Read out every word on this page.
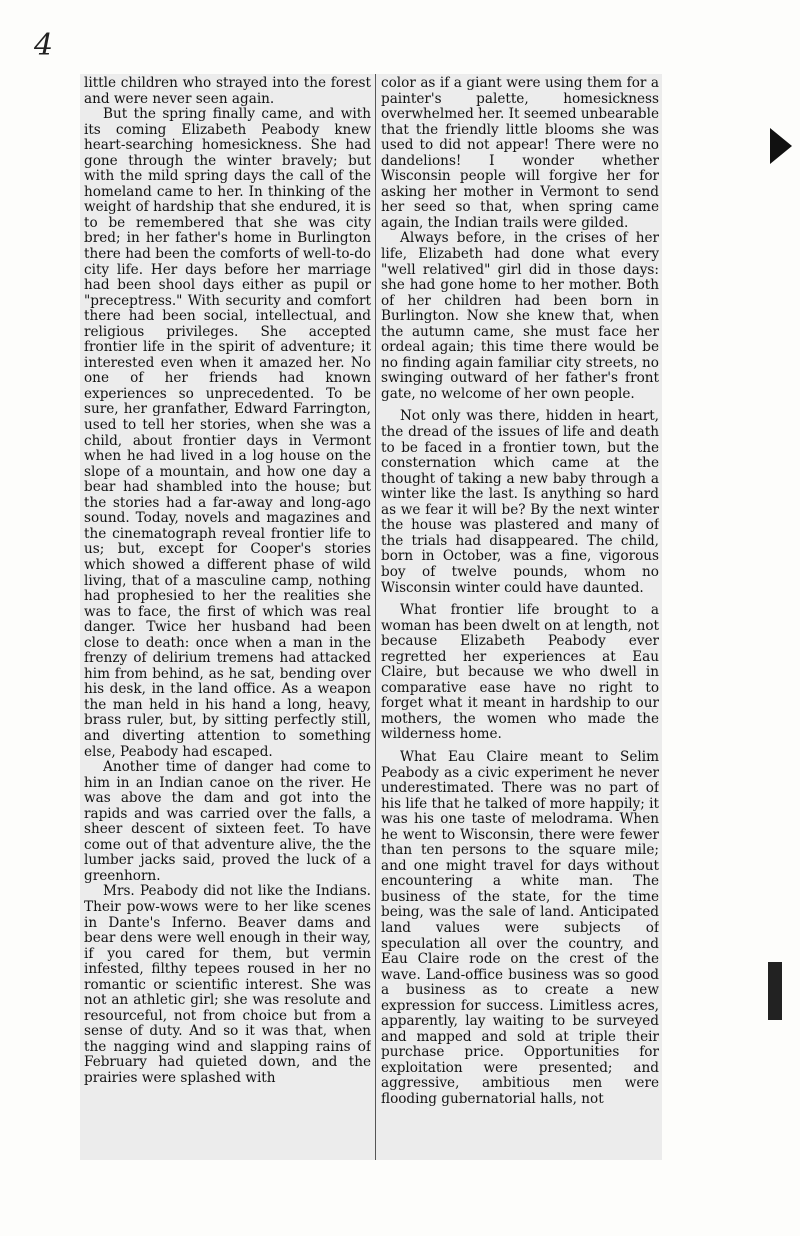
4

little children who strayed into the forest and were never seen again.

But the spring finally came, and with its coming Elizabeth Peabody knew heart-searching homesickness. She had gone through the winter bravely; but with the mild spring days the call of the homeland came to her. In thinking of the weight of hardship that she endured, it is to be remembered that she was city bred; in her father's home in Burlington there had been the comforts of well-to-do city life. Her days before her marriage had been shool days either as pupil or "preceptress." With security and comfort there had been social, intellectual, and religious privileges. She accepted frontier life in the spirit of adventure; it interested even when it amazed her. No one of her friends had known experiences so unprecedented. To be sure, her granfather, Edward Farrington, used to tell her stories, when she was a child, about frontier days in Vermont when he had lived in a log house on the slope of a mountain, and how one day a bear had shambled into the house; but the stories had a far-away and long-ago sound. Today, novels and magazines and the cinematograph reveal frontier life to us; but, except for Cooper's stories which showed a different phase of wild living, that of a masculine camp, nothing had prophesied to her the realities she was to face, the first of which was real danger. Twice her husband had been close to death: once when a man in the frenzy of delirium tremens had attacked him from behind, as he sat, bending over his desk, in the land office. As a weapon the man held in his hand a long, heavy, brass ruler, but, by sitting perfectly still, and diverting attention to something else, Peabody had escaped.

Another time of danger had come to him in an Indian canoe on the river. He was above the dam and got into the rapids and was carried over the falls, a sheer descent of sixteen feet. To have come out of that adventure alive, the the lumber jacks said, proved the luck of a greenhorn.

Mrs. Peabody did not like the Indians. Their pow-wows were to her like scenes in Dante's Inferno. Beaver dams and bear dens were well enough in their way, if you cared for them, but vermin infested, filthy tepees roused in her no romantic or scientific interest. She was not an athletic girl; she was resolute and resourceful, not from choice but from a sense of duty. And so it was that, when the nagging wind and slapping rains of February had quieted down, and the prairies were splashed with

color as if a giant were using them for a painter's palette, homesickness overwhelmed her. It seemed unbearable that the friendly little blooms she was used to did not appear! There were no dandelions! I wonder whether Wisconsin people will forgive her for asking her mother in Vermont to send her seed so that, when spring came again, the Indian trails were gilded.

Always before, in the crises of her life, Elizabeth had done what every "well relatived" girl did in those days: she had gone home to her mother. Both of her children had been born in Burlington. Now she knew that, when the autumn came, she must face her ordeal again; this time there would be no finding again familiar city streets, no swinging outward of her father's front gate, no welcome of her own people.

Not only was there, hidden in heart, the dread of the issues of life and death to be faced in a frontier town, but the consternation which came at the thought of taking a new baby through a winter like the last. Is anything so hard as we fear it will be? By the next winter the house was plastered and many of the trials had disappeared. The child, born in October, was a fine, vigorous boy of twelve pounds, whom no Wisconsin winter could have daunted.

What frontier life brought to a woman has been dwelt on at length, not because Elizabeth Peabody ever regretted her experiences at Eau Claire, but because we who dwell in comparative ease have no right to forget what it meant in hardship to our mothers, the women who made the wilderness home.

What Eau Claire meant to Selim Peabody as a civic experiment he never underestimated. There was no part of his life that he talked of more happily; it was his one taste of melodrama. When he went to Wisconsin, there were fewer than ten persons to the square mile; and one might travel for days without encountering a white man. The business of the state, for the time being, was the sale of land. Anticipated land values were subjects of speculation all over the country, and Eau Claire rode on the crest of the wave. Land-office business was so good a business as to create a new expression for success. Limitless acres, apparently, lay waiting to be surveyed and mapped and sold at triple their purchase price. Opportunities for exploitation were presented; and aggressive, ambitious men were flooding gubernatorial halls, not
